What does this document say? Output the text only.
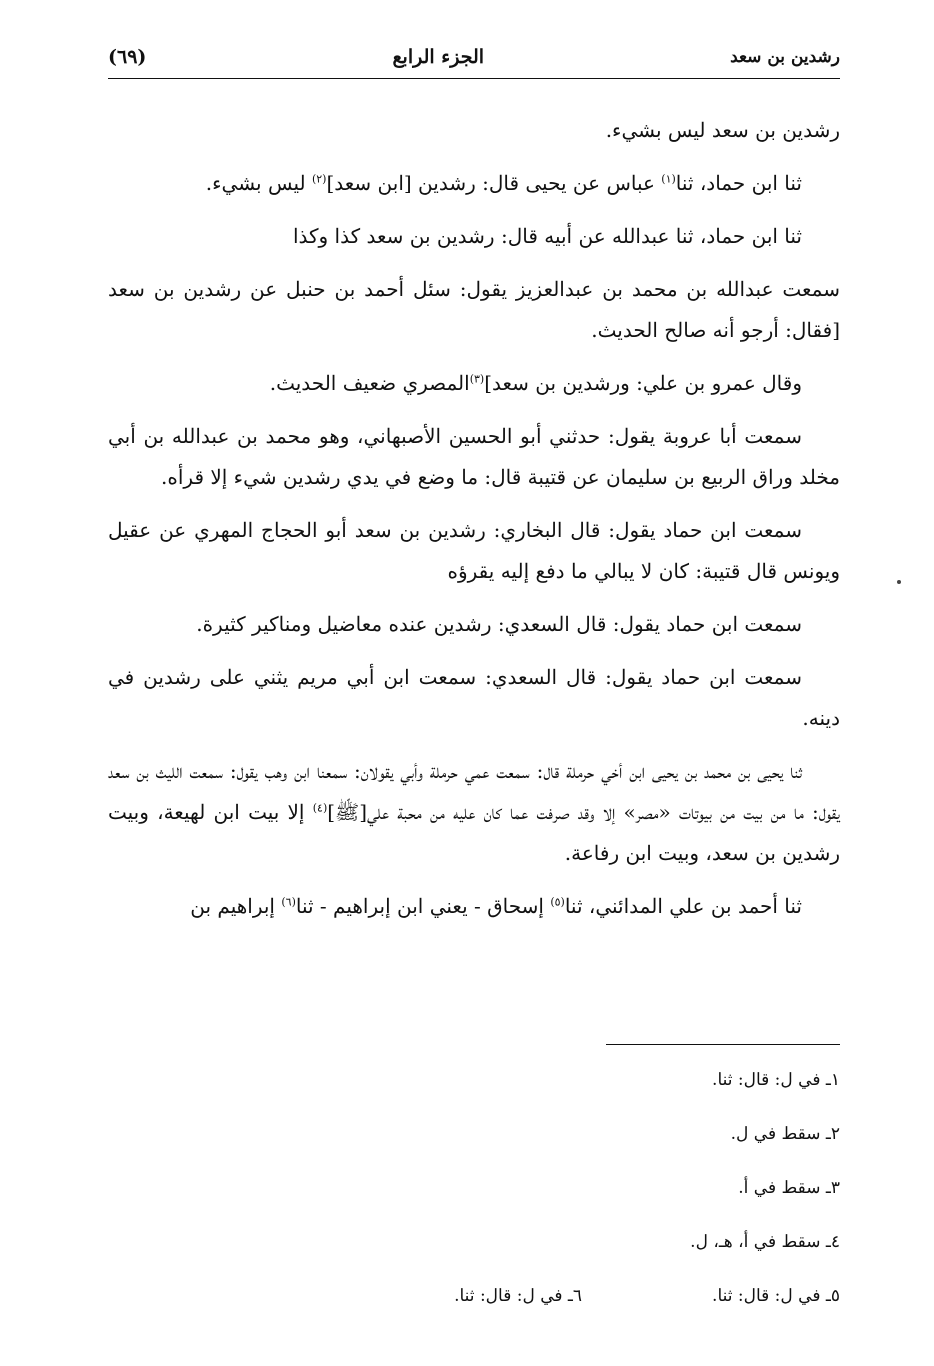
رشدين بن سعد
الجزء الرابع
(٦٩)

رشدين بن سعد ليس بشيء.

ثنا ابن حماد، ثنا$^{(١)}$ عباس عن يحيى قال: رشدين [ابن سعد]$^{(٢)}$ ليس بشيء.

ثنا ابن حماد، ثنا عبدالله عن أبيه قال: رشدين بن سعد كذا وكذا

سمعت عبدالله بن محمد بن عبدالعزيز يقول: سئل أحمد بن حنبل عن رشدين بن سعد [فقال: أرجو أنه صالح الحديث.

وقال عمرو بن علي: ورشدين بن سعد]$^{(٣)}$المصري ضعيف الحديث.

سمعت أبا عروبة يقول: حدثني أبو الحسين الأصبهاني، وهو محمد بن عبدالله بن أبي مخلد وراق الربيع بن سليمان عن قتيبة قال: ما وضع في يدي رشدين شيء إلا قرأه.

سمعت ابن حماد يقول: قال البخاري: رشدين بن سعد أبو الحجاج المهري عن عقيل ويونس قال قتيبة: كان لا يبالي ما دفع إليه يقرؤه

سمعت ابن حماد يقول: قال السعدي: رشدين عنده معاضيل ومناكير كثيرة.

سمعت ابن حماد يقول: قال السعدي: سمعت ابن أبي مريم يثني على رشدين في دينه.

ثنا يحيى بن محمد بن يحيى ابن أخي حرملة قال: سمعت عمي حرملة وأبي يقولان: سمعنا ابن وهب يقول: سمعت الليث بن سعد يقول: ما من بيت من بيوتات «مصر» إلا وقد صرفت عما كان عليه من محبة علي[ﷺ]$^{(٤)}$ إلا بيت ابن لهيعة، وبيت رشدين بن سعد، وبيت ابن رفاعة.

ثنا أحمد بن علي المدائني، ثنا$^{(٥)}$ إسحاق - يعني ابن إبراهيم - ثنا$^{(٦)}$ إبراهيم بن

١ـ في ل: قال: ثنا.
٢ـ سقط في ل.
٣ـ سقط في أ.
٤ـ سقط في أ، هـ، ل.
٥ـ في ل: قال: ثنا.
٦ـ في ل: قال: ثنا.
